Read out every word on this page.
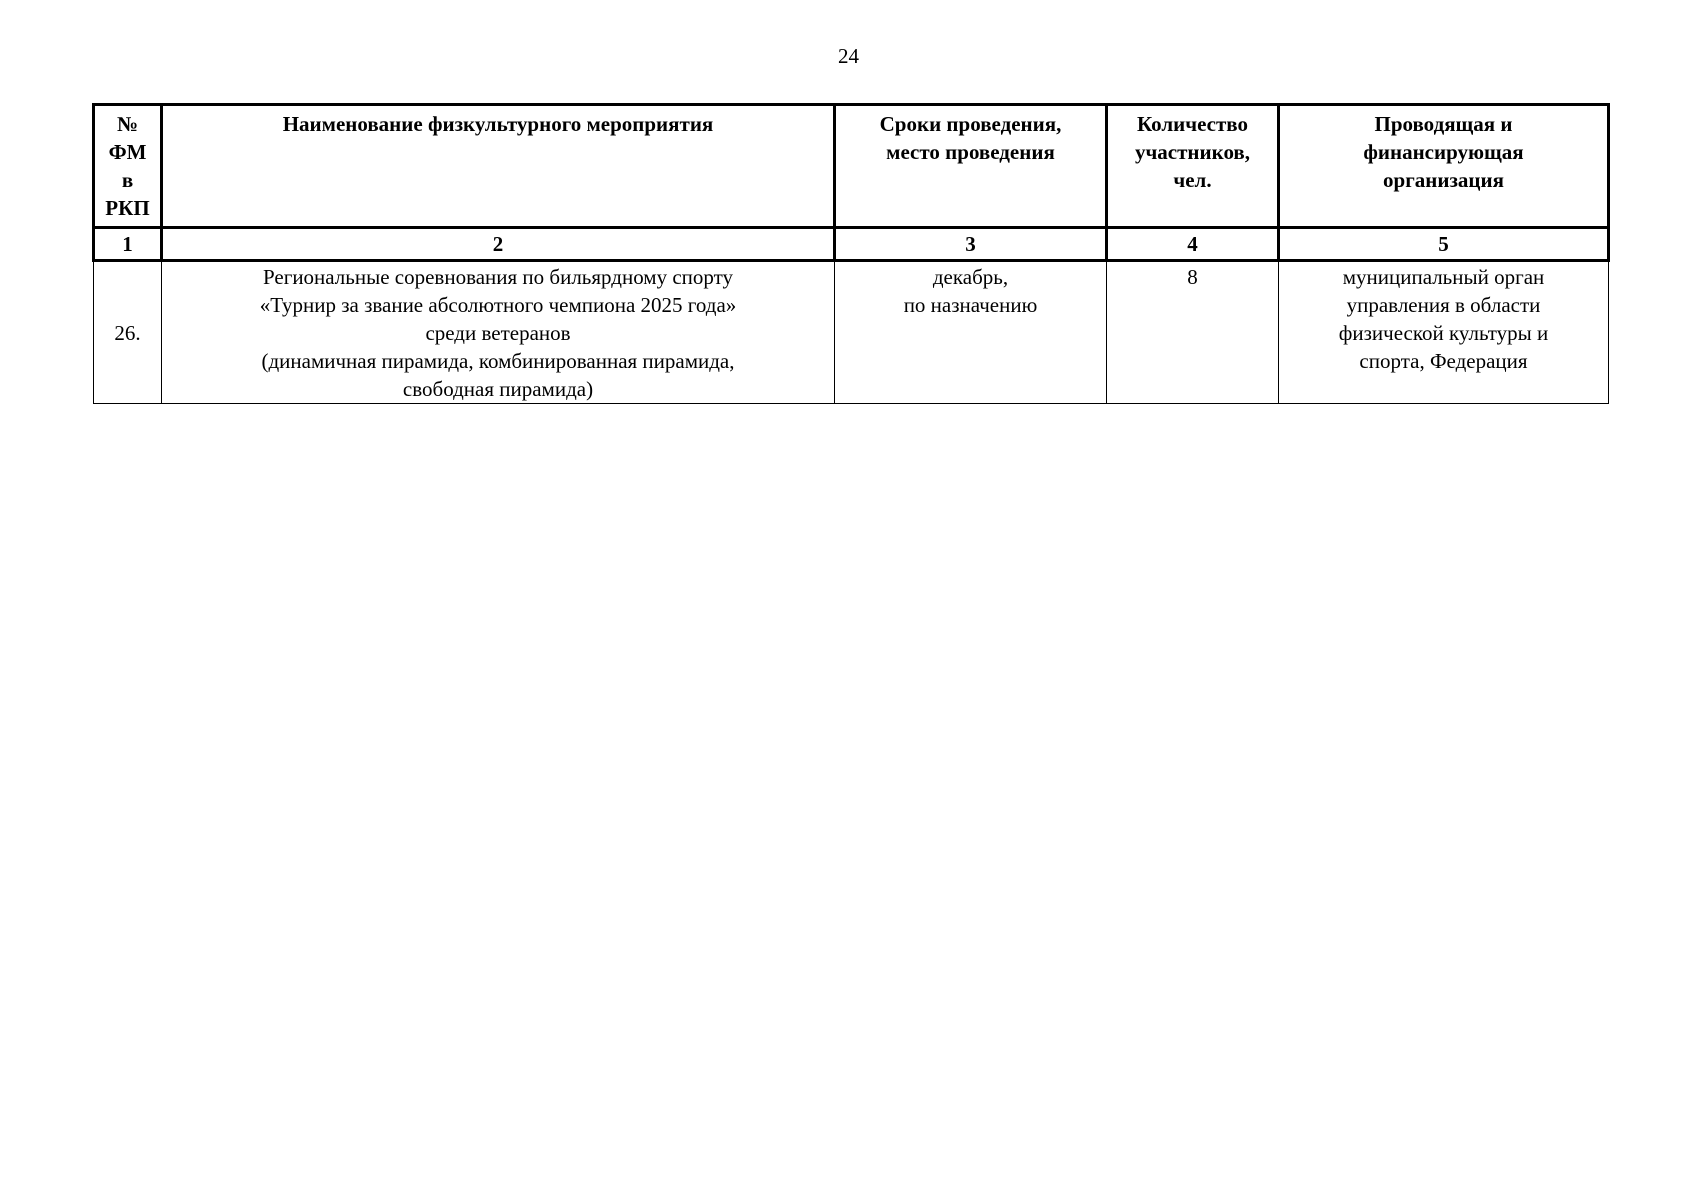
24
№
ФМ
в
РКП	Наименование физкультурного мероприятия	Сроки проведения,
место проведения	Количество
участников,
чел.	Проводящая и
финансирующая
организация

1	2	3	4	5
26.	Региональные соревнования по бильярдному спорту
«Турнир за звание абсолютного чемпиона 2025 года»
среди ветеранов
(динамичная пирамида, комбинированная пирамида,
свободная пирамида)	декабрь,
по назначению	8	муниципальный орган
управления в области
физической культуры и
спорта, Федерация
